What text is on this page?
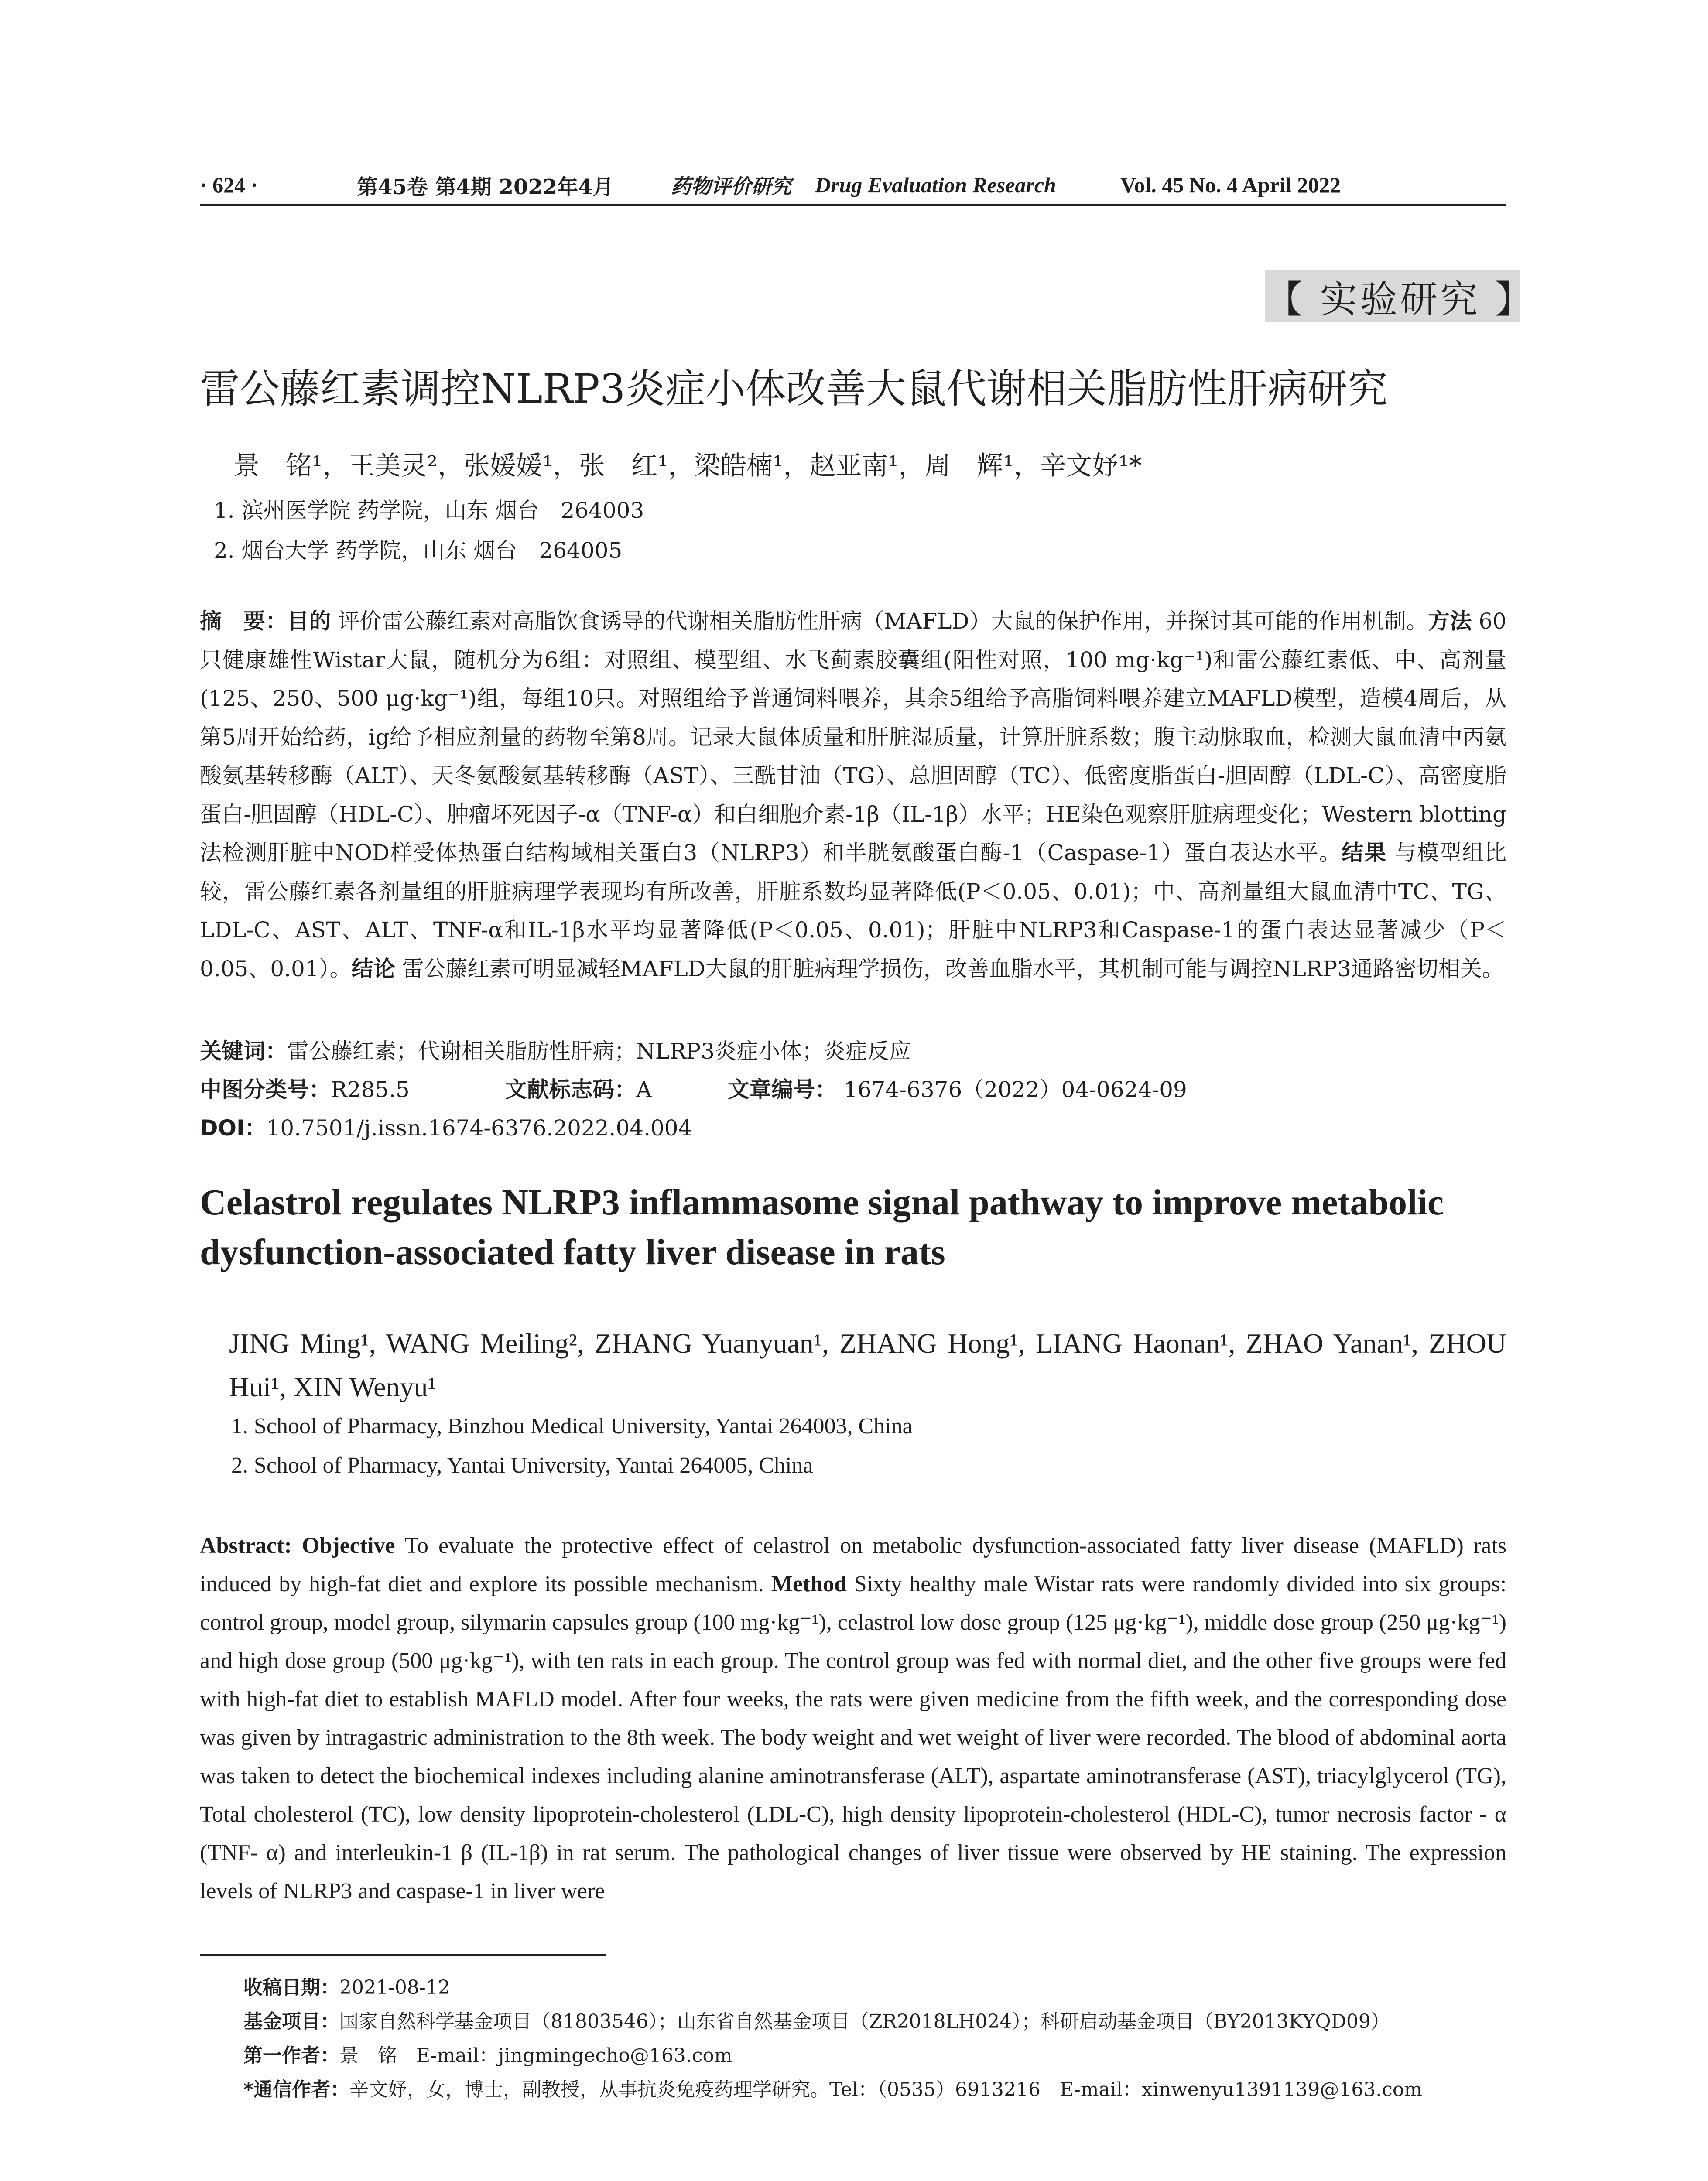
· 624 ·	第45卷 第4期 2022年4月	药物评价研究	Drug Evaluation Research	Vol. 45 No. 4 April 2022
【 实验研究 】
雷公藤红素调控NLRP3炎症小体改善大鼠代谢相关脂肪性肝病研究
景　铭¹，王美灵²，张媛媛¹，张　红¹，梁皓楠¹，赵亚南¹，周　辉¹，辛文妤¹*
1. 滨州医学院 药学院，山东 烟台　264003
2. 烟台大学 药学院，山东 烟台　264005
摘　要：目的 评价雷公藤红素对高脂饮食诱导的代谢相关脂肪性肝病（MAFLD）大鼠的保护作用，并探讨其可能的作用机制。方法 60只健康雄性Wistar大鼠，随机分为6组：对照组、模型组、水飞蓟素胶囊组(阳性对照，100 mg·kg⁻¹)和雷公藤红素低、中、高剂量(125、250、500 μg·kg⁻¹)组，每组10只。对照组给予普通饲料喂养，其余5组给予高脂饲料喂养建立MAFLD模型，造模4周后，从第5周开始给药，ig给予相应剂量的药物至第8周。记录大鼠体质量和肝脏湿质量，计算肝脏系数；腹主动脉取血，检测大鼠血清中丙氨酸氨基转移酶（ALT）、天冬氨酸氨基转移酶（AST）、三酰甘油（TG）、总胆固醇（TC）、低密度脂蛋白-胆固醇（LDL-C）、高密度脂蛋白-胆固醇（HDL-C）、肿瘤坏死因子-α（TNF-α）和白细胞介素-1β（IL-1β）水平；HE染色观察肝脏病理变化；Western blotting法检测肝脏中NOD样受体热蛋白结构域相关蛋白3（NLRP3）和半胱氨酸蛋白酶-1（Caspase-1）蛋白表达水平。结果 与模型组比较，雷公藤红素各剂量组的肝脏病理学表现均有所改善，肝脏系数均显著降低(P＜0.05、0.01)；中、高剂量组大鼠血清中TC、TG、LDL-C、AST、ALT、TNF-α和IL-1β水平均显著降低(P＜0.05、0.01)；肝脏中NLRP3和Caspase-1的蛋白表达显著减少（P＜0.05、0.01）。结论 雷公藤红素可明显减轻MAFLD大鼠的肝脏病理学损伤，改善血脂水平，其机制可能与调控NLRP3通路密切相关。
关键词：雷公藤红素；代谢相关脂肪性肝病；NLRP3炎症小体；炎症反应
中图分类号：R285.5	文献标志码：A	文章编号： 1674-6376（2022）04-0624-09
DOI：10.7501/j.issn.1674-6376.2022.04.004
Celastrol regulates NLRP3 inflammasome signal pathway to improve metabolic dysfunction-associated fatty liver disease in rats
JING Ming¹, WANG Meiling², ZHANG Yuanyuan¹, ZHANG Hong¹, LIANG Haonan¹, ZHAO Yanan¹, ZHOU Hui¹, XIN Wenyu¹
1. School of Pharmacy, Binzhou Medical University, Yantai 264003, China
2. School of Pharmacy, Yantai University, Yantai 264005, China
Abstract: Objective To evaluate the protective effect of celastrol on metabolic dysfunction-associated fatty liver disease (MAFLD) rats induced by high-fat diet and explore its possible mechanism. Method Sixty healthy male Wistar rats were randomly divided into six groups: control group, model group, silymarin capsules group (100 mg·kg⁻¹), celastrol low dose group (125 μg·kg⁻¹), middle dose group (250 μg·kg⁻¹) and high dose group (500 μg·kg⁻¹), with ten rats in each group. The control group was fed with normal diet, and the other five groups were fed with high-fat diet to establish MAFLD model. After four weeks, the rats were given medicine from the fifth week, and the corresponding dose was given by intragastric administration to the 8th week. The body weight and wet weight of liver were recorded. The blood of abdominal aorta was taken to detect the biochemical indexes including alanine aminotransferase (ALT), aspartate aminotransferase (AST), triacylglycerol (TG), Total cholesterol (TC), low density lipoprotein-cholesterol (LDL-C), high density lipoprotein-cholesterol (HDL-C), tumor necrosis factor - α (TNF- α) and interleukin-1 β (IL-1β) in rat serum. The pathological changes of liver tissue were observed by HE staining. The expression levels of NLRP3 and caspase-1 in liver were
收稿日期：2021-08-12
基金项目：国家自然科学基金项目（81803546）；山东省自然基金项目（ZR2018LH024）；科研启动基金项目（BY2013KYQD09）
第一作者：景　铭　E-mail：jingmingecho@163.com
*通信作者：辛文妤，女，博士，副教授，从事抗炎免疫药理学研究。Tel：（0535）6913216　E-mail：xinwenyu1391139@163.com
